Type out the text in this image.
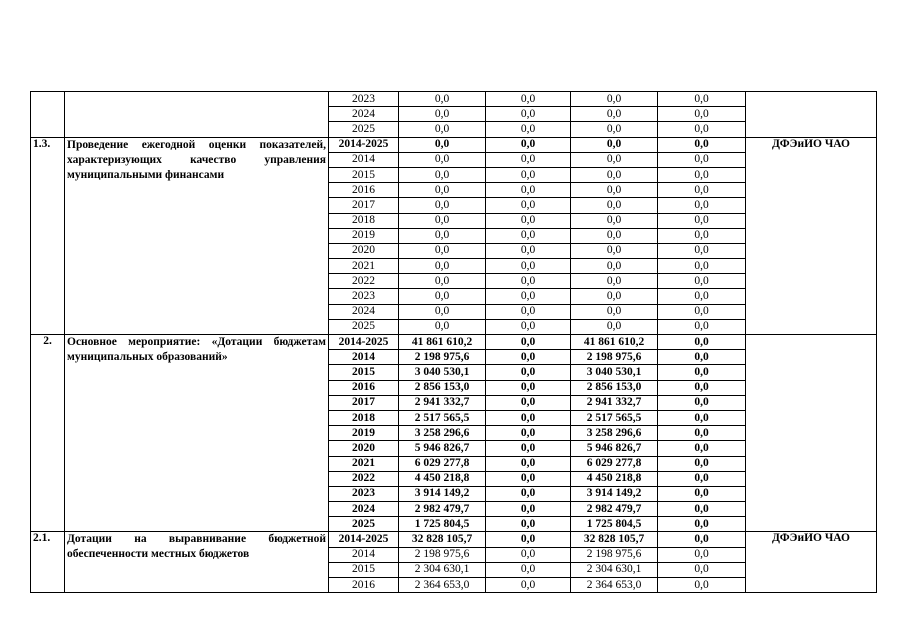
		2023	0,0	0,0	0,0	0,0	
		2024	0,0	0,0	0,0	0,0	
		2025	0,0	0,0	0,0	0,0	
1.3.	Проведение ежегодной оценки показателей, характеризующих качество управления муниципальными финансами	2014-2025	0,0	0,0	0,0	0,0	ДФЭиИО ЧАО
		2014	0,0	0,0	0,0	0,0	
		2015	0,0	0,0	0,0	0,0	
		2016	0,0	0,0	0,0	0,0	
		2017	0,0	0,0	0,0	0,0	
		2018	0,0	0,0	0,0	0,0	
		2019	0,0	0,0	0,0	0,0	
		2020	0,0	0,0	0,0	0,0	
		2021	0,0	0,0	0,0	0,0	
		2022	0,0	0,0	0,0	0,0	
		2023	0,0	0,0	0,0	0,0	
		2024	0,0	0,0	0,0	0,0	
		2025	0,0	0,0	0,0	0,0	
2.	Основное мероприятие: «Дотации бюджетам муниципальных образований»	2014-2025	41 861 610,2	0,0	41 861 610,2	0,0	
		2014	2 198 975,6	0,0	2 198 975,6	0,0	
		2015	3 040 530,1	0,0	3 040 530,1	0,0	
		2016	2 856 153,0	0,0	2 856 153,0	0,0	
		2017	2 941 332,7	0,0	2 941 332,7	0,0	
		2018	2 517 565,5	0,0	2 517 565,5	0,0	
		2019	3 258 296,6	0,0	3 258 296,6	0,0	
		2020	5 946 826,7	0,0	5 946 826,7	0,0	
		2021	6 029 277,8	0,0	6 029 277,8	0,0	
		2022	4 450 218,8	0,0	4 450 218,8	0,0	
		2023	3 914 149,2	0,0	3 914 149,2	0,0	
		2024	2 982 479,7	0,0	2 982 479,7	0,0	
		2025	1 725 804,5	0,0	1 725 804,5	0,0	
2.1.	Дотации на выравнивание бюджетной обеспеченности местных бюджетов	2014-2025	32 828 105,7	0,0	32 828 105,7	0,0	ДФЭиИО ЧАО
		2014	2 198 975,6	0,0	2 198 975,6	0,0	
		2015	2 304 630,1	0,0	2 304 630,1	0,0	
		2016	2 364 653,0	0,0	2 364 653,0	0,0	
